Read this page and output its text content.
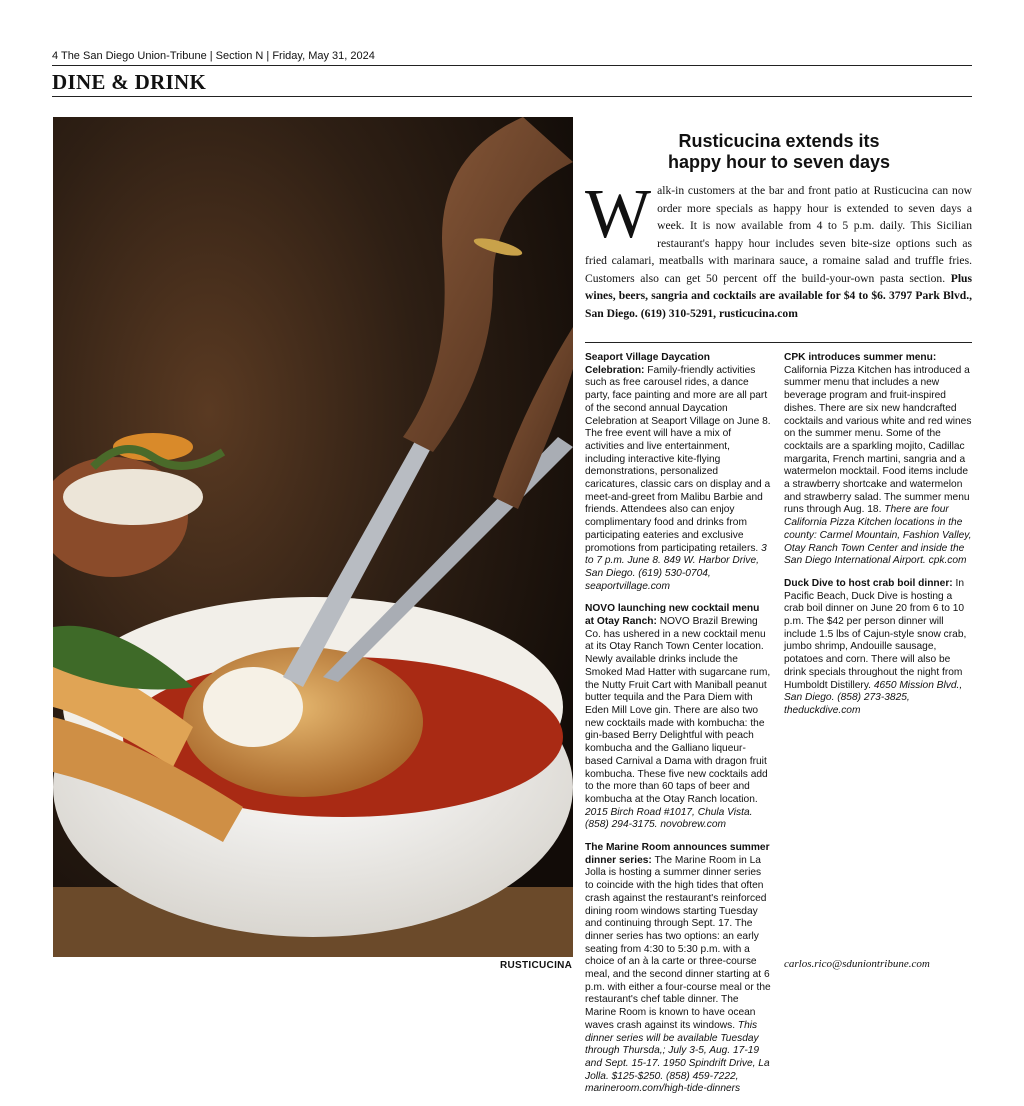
4 The San Diego Union-Tribune | Section N | Friday, May 31, 2024
DINE & DRINK
RUSTICUCINA
Rusticucina extends its
happy hour to seven days
Walk-in customers at the bar and front patio at Rusticucina can now order more specials as happy hour is extended to seven days a week. It is now available from 4 to 5 p.m. daily. This Sicilian restaurant's happy hour includes seven bite-size options such as fried calamari, meatballs with marinara sauce, a romaine salad and truffle fries. Customers also can get 50 percent off the build-your-own pasta section. Plus wines, beers, sangria and cocktails are available for $4 to $6. 3797 Park Blvd., San Diego. (619) 310-5291, rusticucina.com

Seaport Village Daycation Celebration: Family-friendly activities such as free carousel rides, a dance party, face painting and more are all part of the second annual Daycation Celebration at Seaport Village on June 8. The free event will have a mix of activities and live entertainment, including interactive kite-flying demonstrations, personalized caricatures, classic cars on display and a meet-and-greet from Malibu Barbie and friends. Attendees also can enjoy complimentary food and drinks from participating eateries and exclusive promotions from participating retailers. 3 to 7 p.m. June 8. 849 W. Harbor Drive, San Diego. (619) 530-0704, seaportvillage.com

NOVO launching new cocktail menu at Otay Ranch: NOVO Brazil Brewing Co. has ushered in a new cocktail menu at its Otay Ranch Town Center location. Newly available drinks include the Smoked Mad Hatter with sugarcane rum, the Nutty Fruit Cart with Maniball peanut butter tequila and the Para Diem with Eden Mill Love gin. There are also two new cocktails made with kombucha: the gin-based Berry Delightful with peach kombucha and the Galliano liqueur-based Carnival a Dama with dragon fruit kombucha. These five new cocktails add to the more than 60 taps of beer and kombucha at the Otay Ranch location. 2015 Birch Road #1017, Chula Vista. (858) 294-3175. novobrew.com

The Marine Room announces summer dinner series: The Marine Room in La Jolla is hosting a summer dinner series to coincide with the high tides that often crash against the restaurant's reinforced dining room windows starting Tuesday and continuing through Sept. 17. The dinner series has two options: an early seating from 4:30 to 5:30 p.m. with a choice of an à la carte or three-course meal, and the second dinner starting at 6 p.m. with either a four-course meal or the restaurant's chef table dinner. The Marine Room is known to have ocean waves crash against its windows. This dinner series will be available Tuesday through Thursda,; July 3-5, Aug. 17-19 and Sept. 15-17. 1950 Spindrift Drive, La Jolla. $125-$250. (858) 459-7222, marineroom.com/high-tide-dinners

CPK introduces summer menu: California Pizza Kitchen has introduced a summer menu that includes a new beverage program and fruit-inspired dishes. There are six new handcrafted cocktails and various white and red wines on the summer menu. Some of the cocktails are a sparkling mojito, Cadillac margarita, French martini, sangria and a watermelon mocktail. Food items include a strawberry shortcake and watermelon and strawberry salad. The summer menu runs through Aug. 18. There are four California Pizza Kitchen locations in the county: Carmel Mountain, Fashion Valley, Otay Ranch Town Center and inside the San Diego International Airport. cpk.com

Duck Dive to host crab boil dinner: In Pacific Beach, Duck Dive is hosting a crab boil dinner on June 20 from 6 to 10 p.m. The $42 per person dinner will include 1.5 lbs of Cajun-style snow crab, jumbo shrimp, Andouille sausage, potatoes and corn. There will also be drink specials throughout the night from Humboldt Distillery. 4650 Mission Blvd., San Diego. (858) 273-3825, theduckdive.com

carlos.rico@sduniontribune.com
